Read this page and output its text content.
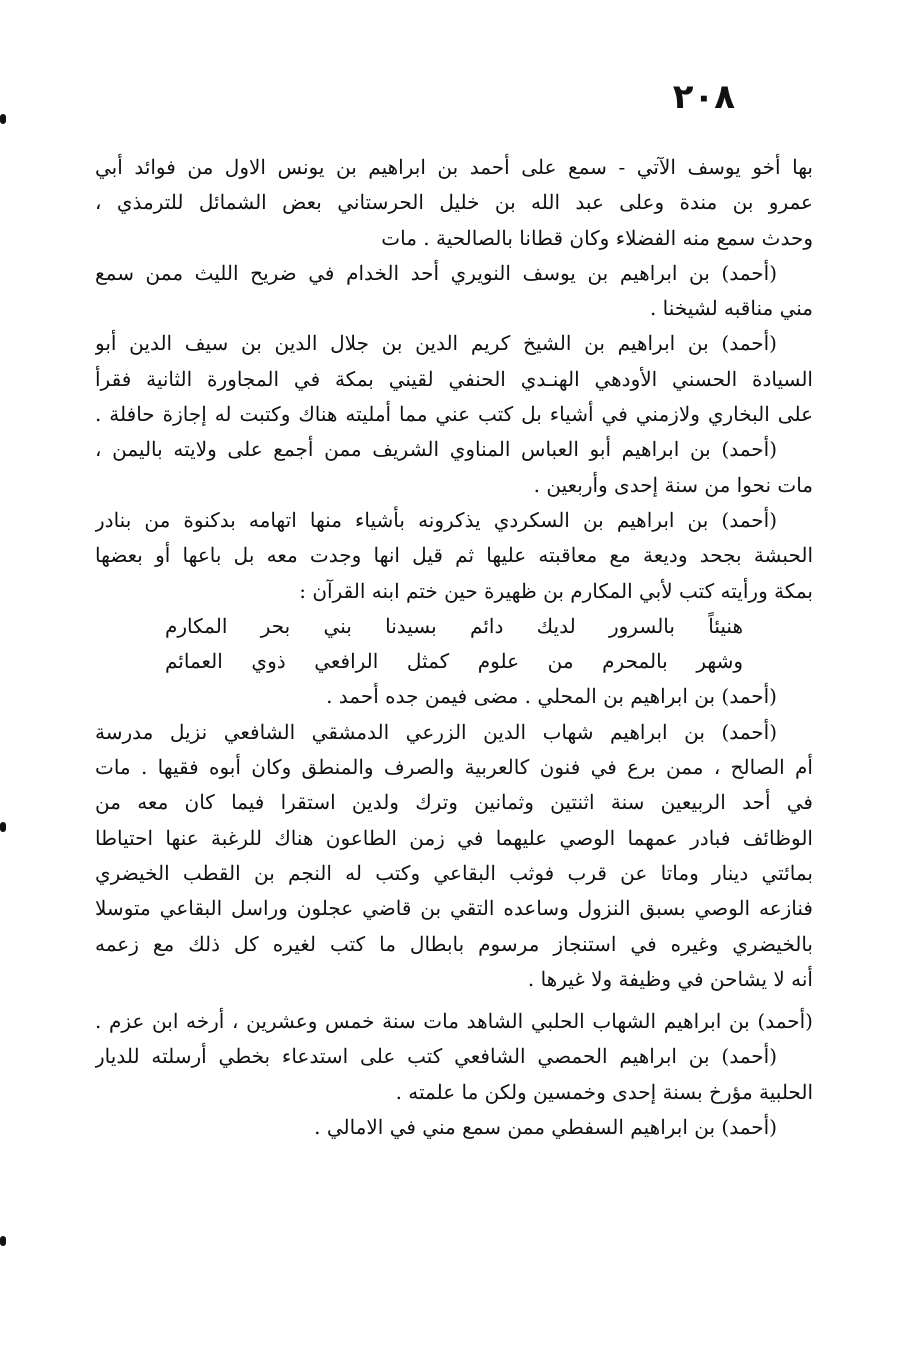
٢٠٨
بها أخو يوسف الآتي - سمع على أحمد بن ابراهيم بن يونس الاول من فوائد أبي
عمرو بن مندة وعلى عبد الله بن خليل الحرستاني بعض الشمائل للترمذي ،
وحدث سمع منه الفضلاء وكان قطانا بالصالحية . مات
(أحمد) بن ابراهيم بن يوسف النويري أحد الخدام في ضريح الليث ممن سمع
مني مناقبه لشيخنا .
(أحمد) بن ابراهيم بن الشيخ كريم الدين بن جلال الدين بن سيف الدين أبو
السيادة الحسني الأودهي الهنـدي الحنفي لقيني بمكة في المجاورة الثانية فقرأ
على البخاري ولازمني في أشياء بل كتب عني مما أمليته هناك وكتبت له إجازة حافلة .
(أحمد) بن ابراهيم أبو العباس المناوي الشريف ممن أجمع على ولايته باليمن ،
مات نحوا من سنة إحدى وأربعين .
(أحمد) بن ابراهيم بن السكردي يذكرونه بأشياء منها اتهامه بدكنوة من بنادر
الحبشة بجحد وديعة مع معاقبته عليها ثم قيل انها وجدت معه بل باعها أو بعضها
بمكة ورأيته كتب لأبي المكارم بن ظهيرة حين ختم ابنه القرآن :
هنيئاً بالسرور لديك دائم بسيدنا بني بحر المكارم
وشهر بالمحرم من علوم كمثل الرافعي ذوي العمائم
(أحمد) بن ابراهيم بن المحلي . مضى فيمن جده أحمد .
(أحمد) بن ابراهيم شهاب الدين الزرعي الدمشقي الشافعي نزيل مدرسة
أم الصالح ، ممن برع في فنون كالعربية والصرف والمنطق وكان أبوه فقيها . مات
في أحد الربيعين سنة اثنتين وثمانين وترك ولدين استقرا فيما كان معه من
الوظائف فبادر عمهما الوصي عليهما في زمن الطاعون هناك للرغبة عنها احتياطا
بمائتي دينار وماتا عن قرب فوثب البقاعي وكتب له النجم بن القطب الخيضري
فنازعه الوصي بسبق النزول وساعده التقي بن قاضي عجلون وراسل البقاعي متوسلا
بالخيضري وغيره في استنجاز مرسوم بابطال ما كتب لغيره كل ذلك مع زعمه
أنه لا يشاحن في وظيفة ولا غيرها .
(أحمد) بن ابراهيم الشهاب الحلبي الشاهد مات سنة خمس وعشرين ، أرخه ابن عزم .
(أحمد) بن ابراهيم الحمصي الشافعي كتب على استدعاء بخطي أرسلته للديار
الحلبية مؤرخ بسنة إحدى وخمسين ولكن ما علمته .
(أحمد) بن ابراهيم السفطي ممن سمع مني في الامالي .
